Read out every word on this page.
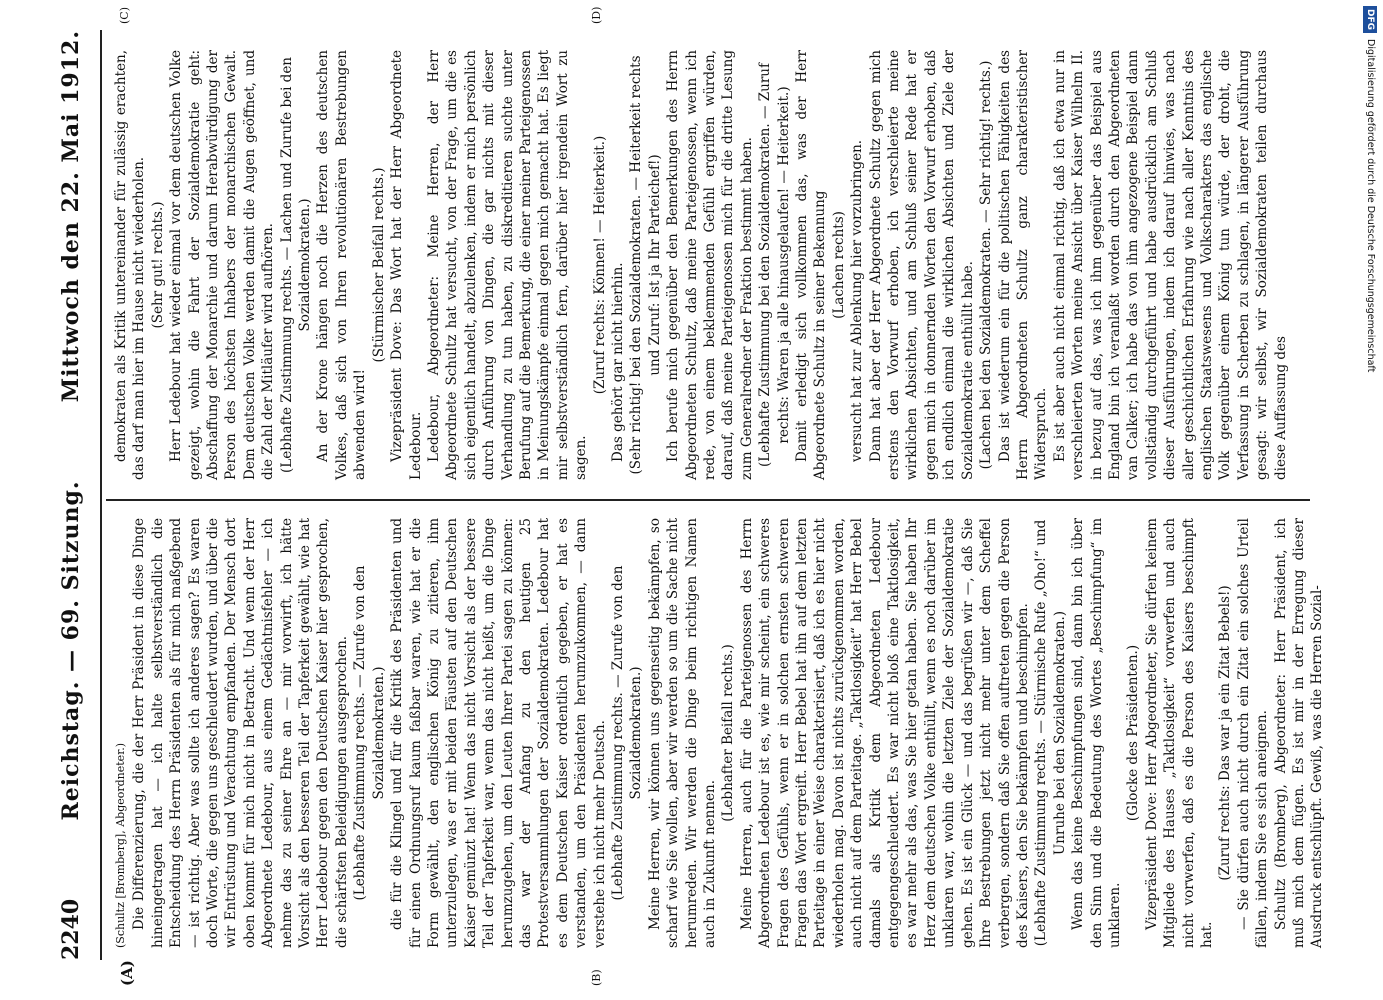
2240
Reichstag. — 69. Sitzung.
Mittwoch den 22. Mai 1912.
(A)	(B)
(C)	(D)

(Schultz [Bromberg], Abgeordneter.) Die Differenzierung, die der Herr Präsident in diese Dinge hineingetragen hat — ich halte selbstverständlich die Entscheidung des Herrn Präsidenten als für mich maßgebend — ist richtig. Aber was sollte ich anderes sagen? Es waren doch Worte, die gegen uns geschleudert wurden, und über die wir Entrüstung und Verachtung empfanden. Der Mensch dort oben kommt für mich nicht in Betracht. Und wenn der Herr Abgeordnete Ledebour, aus einem Gedächtnisfehler — ich nehme das zu seiner Ehre an — mir vorwirft, ich hätte Vorsicht als den besseren Teil der Tapferkeit gewählt, wie hat Herr Ledebour gegen den Deutschen Kaiser hier gesprochen, die schärfsten Beleidigungen ausgesprochen. (Lebhafte Zustimmung rechts. — Zurufe von den Sozialdemokraten.) die für die Klingel und für die Kritik des Präsidenten und für einen Ordnungsruf kaum faßbar waren, wie hat er die Form gewählt, den englischen König zu zitieren, ihm unterzulegen, was er mit beiden Fäusten auf den Deutschen Kaiser gemünzt hat! Wenn das nicht Vorsicht als der bessere Teil der Tapferkeit war, wenn das nicht heißt, um die Dinge herumzugehen, um den Leuten Ihrer Partei sagen zu können: das war der Anfang zu den heutigen 25 Protestversammlungen der Sozialdemokraten. Ledebour hat es dem Deutschen Kaiser ordentlich gegeben, er hat es verstanden, um den Präsidenten herumzukommen, — dann verstehe ich nicht mehr Deutsch. (Lebhafte Zustimmung rechts. — Zurufe von den Sozialdemokraten.) Meine Herren, wir können uns gegenseitig bekämpfen, so scharf wie Sie wollen, aber wir werden so um die Sache nicht herumreden. Wir werden die Dinge beim richtigen Namen auch in Zukunft nennen.

(Lebhafter Beifall rechts.) Meine Herren, auch für die Parteigenossen des Herrn Abgeordneten Ledebour ist es, wie mir scheint, ein schweres Fragen des Gefühls, wenn er in solchen ernsten schweren Fragen das Wort ergreift. Herr Bebel hat ihn auf dem letzten Parteitage in einer Weise charakterisiert, daß ich es hier nicht wiederholen mag. Davon ist nichts zurückgenommen worden, auch nicht auf dem Parteitage. „Taktlosigkeit“ hat Herr Bebel damals als Kritik dem Abgeordneten Ledebour entgegengeschleudert. Es war nicht bloß eine Taktlosigkeit, es war mehr als das, was Sie hier getan haben. Sie haben Ihr Herz dem deutschen Volke enthüllt, wenn es noch darüber im unklaren war, wohin die letzten Ziele der Sozialdemokratie gehen. Es ist ein Glück — und das begrüßen wir —, daß Sie Ihre Bestrebungen jetzt nicht mehr unter dem Scheffel verbergen, sondern daß Sie offen auftreten gegen die Person des Kaisers, den Sie bekämpfen und beschimpfen. (Lebhafte Zustimmung rechts. — Stürmische Rufe „Oho!“ und Unruhe bei den Sozialdemokraten.) Wenn das keine Beschimpfungen sind, dann bin ich über den Sinn und die Bedeutung des Wortes „Beschimpfung“ im unklaren.

(Glocke des Präsidenten.) Vizepräsident Dove: Herr Abgeordneter, Sie dürfen keinem Mitgliede des Hauses „Taktlosigkeit“ vorwerfen und auch nicht vorwerfen, daß es die Person des Kaisers beschimpft hat.

(Zuruf rechts: Das war ja ein Zitat Bebels!) — Sie dürfen auch nicht durch ein Zitat ein solches Urteil fällen, indem Sie es sich aneignen. Schultz (Bromberg), Abgeordneter: Herr Präsident, ich muß mich dem fügen. Es ist mir in der Erregung dieser Ausdruck entschlüpft. Gewiß, was die Herren Sozial-

demokraten als Kritik untereinander für zulässig erachten, das darf man hier im Hause nicht wiederholen. (Sehr gut! rechts.) Herr Ledebour hat wieder einmal vor dem deutschen Volke gezeigt, wohin die Fahrt der Sozialdemokratie geht: Abschaffung der Monarchie und darum Herabwürdigung der Person des höchsten Inhabers der monarchischen Gewalt. Dem deutschen Volke werden damit die Augen geöffnet, und die Zahl der Mitläufer wird aufhören. (Lebhafte Zustimmung rechts. — Lachen und Zurufe bei den Sozialdemokraten.) An der Krone hängen noch die Herzen des deutschen Volkes, daß sich von Ihren revolutionären Bestrebungen abwenden wird!

(Stürmischer Beifall rechts.) Vizepräsident Dove: Das Wort hat der Herr Abgeordnete Ledebour. Ledebour, Abgeordneter: Meine Herren, der Herr Abgeordnete Schultz hat versucht, von der Frage, um die es sich eigentlich handelt, abzulenken, indem er mich persönlich durch Anführung von Dingen, die gar nichts mit dieser Verhandlung zu tun haben, zu diskreditieren suchte unter Berufung auf die Bemerkung, die einer meiner Parteigenossen in Meinungskämpfe einmal gegen mich gemacht hat. Es liegt mir selbstverständlich fern, darüber hier irgendein Wort zu sagen.

(Zuruf rechts: Können! — Heiterkeit.) Das gehört gar nicht hierhin. (Sehr richtig! bei den Sozialdemokraten. — Heiterkeit rechts und Zuruf: Ist ja Ihr Parteichef!) Ich berufe mich gegenüber den Bemerkungen des Herrn Abgeordneten Schultz, daß meine Parteigenossen, wenn ich rede, von einem beklemmenden Gefühl ergriffen würden, darauf, daß meine Parteigenossen mich für die dritte Lesung zum Generalredner der Fraktion bestimmt haben. (Lebhafte Zustimmung bei den Sozialdemokraten. — Zuruf rechts: Waren ja alle hinausgelaufen! — Heiterkeit.) Damit erledigt sich vollkommen das, was der Herr Abgeordnete Schultz in seiner Bekennung (Lachen rechts) versucht hat zur Ablenkung hier vorzubringen. Dann hat aber der Herr Abgeordnete Schultz gegen mich erstens den Vorwurf erhoben, ich verschleierte meine wirklichen Absichten, und am Schluß seiner Rede hat er gegen mich in donnernden Worten den Vorwurf erhoben, daß ich endlich einmal die wirklichen Absichten und Ziele der Sozialdemokratie enthüllt habe. (Lachen bei den Sozialdemokraten. — Sehr richtig! rechts.) Das ist wiederum ein für die politischen Fähigkeiten des Herrn Abgeordneten Schultz ganz charakteristischer Widerspruch. Es ist aber auch nicht einmal richtig, daß ich etwa nur in verschleierten Worten meine Ansicht über Kaiser Wilhelm II. in bezug auf das, was ich ihm gegenüber das Beispiel aus England bin ich veranlaßt worden durch den Abgeordneten van Calker; ich habe das von ihm angezogene Beispiel dann vollständig durchgeführt und habe ausdrücklich am Schluß dieser Ausführungen, indem ich darauf hinwies, was nach aller geschichtlichen Erfahrung wie nach aller Kenntnis des englischen Staatswesens und Volkscharakters das englische Volk gegenüber einem König tun würde, der droht, die Verfassung in Scherben zu schlagen, in längerer Ausführung gesagt: wir selbst, wir Sozialdemokraten teilen durchaus diese Auffassung des

DFGDigitalisierung gefördert durch die Deutsche Forschungsgemeinschaft
